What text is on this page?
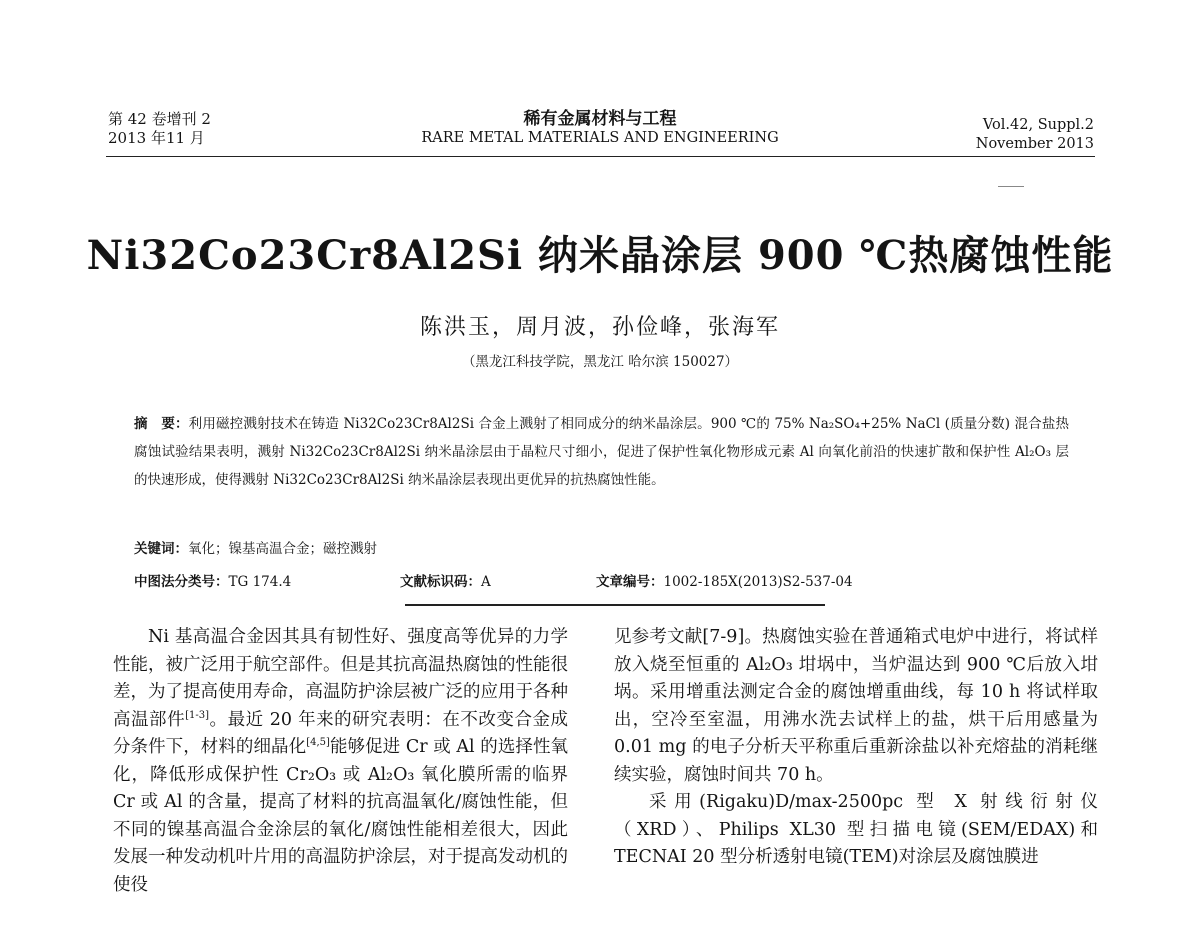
第 42 卷增刊 2
2013 年11 月
稀有金属材料与工程
RARE METAL MATERIALS AND ENGINEERING
Vol.42, Suppl.2
November 2013
Ni32Co23Cr8Al2Si 纳米晶涂层 900 ℃热腐蚀性能
陈洪玉，周月波，孙俭峰，张海军
（黑龙江科技学院，黑龙江 哈尔滨 150027）
摘　要：利用磁控溅射技术在铸造 Ni32Co23Cr8Al2Si 合金上溅射了相同成分的纳米晶涂层。900 ℃的 75% Na₂SO₄+25% NaCl (质量分数) 混合盐热腐蚀试验结果表明，溅射 Ni32Co23Cr8Al2Si 纳米晶涂层由于晶粒尺寸细小，促进了保护性氧化物形成元素 Al 向氧化前沿的快速扩散和保护性 Al₂O₃ 层的快速形成，使得溅射 Ni32Co23Cr8Al2Si 纳米晶涂层表现出更优异的抗热腐蚀性能。
关键词：氧化；镍基高温合金；磁控溅射
中图法分类号：TG 174.4	文献标识码：A	文章编号：1002-185X(2013)S2-537-04

Ni 基高温合金因其具有韧性好、强度高等优异的力学性能，被广泛用于航空部件。但是其抗高温热腐蚀的性能很差，为了提高使用寿命，高温防护涂层被广泛的应用于各种高温部件[1-3]。最近 20 年来的研究表明：在不改变合金成分条件下，材料的细晶化[4,5]能够促进 Cr 或 Al 的选择性氧化，降低形成保护性 Cr₂O₃ 或 Al₂O₃ 氧化膜所需的临界 Cr 或 Al 的含量，提高了材料的抗高温氧化/腐蚀性能，但不同的镍基高温合金涂层的氧化/腐蚀性能相差很大，因此发展一种发动机叶片用的高温防护涂层，对于提高发动机的使役

见参考文献[7-9]。热腐蚀实验在普通箱式电炉中进行，将试样放入烧至恒重的 Al₂O₃ 坩埚中，当炉温达到 900 ℃后放入坩埚。采用增重法测定合金的腐蚀增重曲线，每 10 h 将试样取出，空冷至室温，用沸水洗去试样上的盐，烘干后用感量为 0.01 mg 的电子分析天平称重后重新涂盐以补充熔盐的消耗继续实验，腐蚀时间共 70 h。

采用(Rigaku)D/max-2500pc 型 X 射线衍射仪（XRD）、Philips XL30 型扫描电镜(SEM/EDAX)和 TECNAI 20 型分析透射电镜(TEM)对涂层及腐蚀膜进
